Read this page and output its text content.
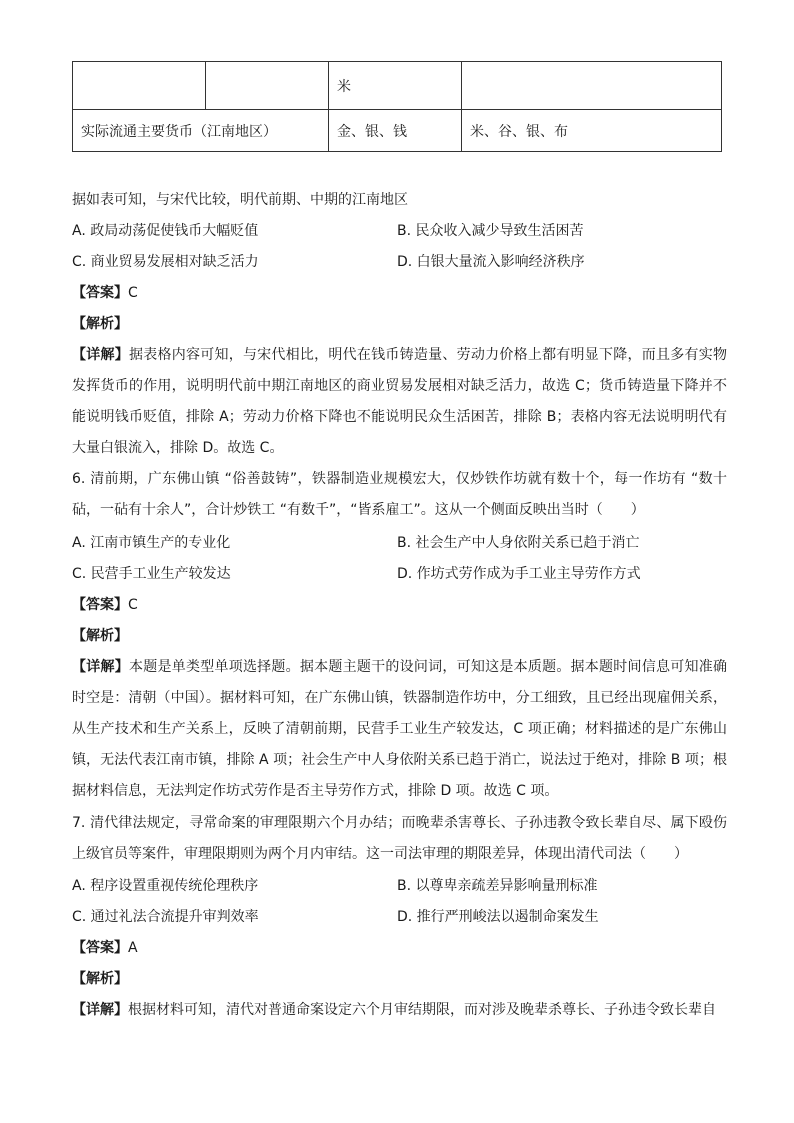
		米	
实际流通主要货币（江南地区）		金、银、钱	米、谷、银、布
据如表可知，与宋代比较，明代前期、中期的江南地区
A. 政局动荡促使钱币大幅贬值	B. 民众收入减少导致生活困苦
C. 商业贸易发展相对缺乏活力	D. 白银大量流入影响经济秩序
【答案】C
【解析】
【详解】据表格内容可知，与宋代相比，明代在钱币铸造量、劳动力价格上都有明显下降，而且多有实物发挥货币的作用，说明明代前中期江南地区的商业贸易发展相对缺乏活力，故选 C；货币铸造量下降并不能说明钱币贬值，排除 A；劳动力价格下降也不能说明民众生活困苦，排除 B；表格内容无法说明明代有大量白银流入，排除 D。故选 C。
6. 清前期，广东佛山镇 “俗善鼓铸”，铁器制造业规模宏大，仅炒铁作坊就有数十个，每一作坊有 “数十砧，一砧有十余人”，合计炒铁工 “有数千”，“皆系雇工”。这从一个侧面反映出当时（　　）
A. 江南市镇生产的专业化	B. 社会生产中人身依附关系已趋于消亡
C. 民营手工业生产较发达	D. 作坊式劳作成为手工业主导劳作方式
【答案】C
【解析】
【详解】本题是单类型单项选择题。据本题主题干的设问词，可知这是本质题。据本题时间信息可知准确时空是：清朝（中国）。据材料可知，在广东佛山镇，铁器制造作坊中，分工细致，且已经出现雇佣关系，从生产技术和生产关系上，反映了清朝前期，民营手工业生产较发达，C 项正确；材料描述的是广东佛山镇，无法代表江南市镇，排除 A 项；社会生产中人身依附关系已趋于消亡，说法过于绝对，排除 B 项；根据材料信息，无法判定作坊式劳作是否主导劳作方式，排除 D 项。故选 C 项。
7. 清代律法规定，寻常命案的审理限期六个月办结；而晚辈杀害尊长、子孙违教令致长辈自尽、属下殴伤上级官员等案件，审理限期则为两个月内审结。这一司法审理的期限差异，体现出清代司法（　　）
A. 程序设置重视传统伦理秩序	B. 以尊卑亲疏差异影响量刑标准
C. 通过礼法合流提升审判效率	D. 推行严刑峻法以遏制命案发生
【答案】A
【解析】
【详解】根据材料可知，清代对普通命案设定六个月审结期限，而对涉及晚辈杀尊长、子孙违令致长辈自
